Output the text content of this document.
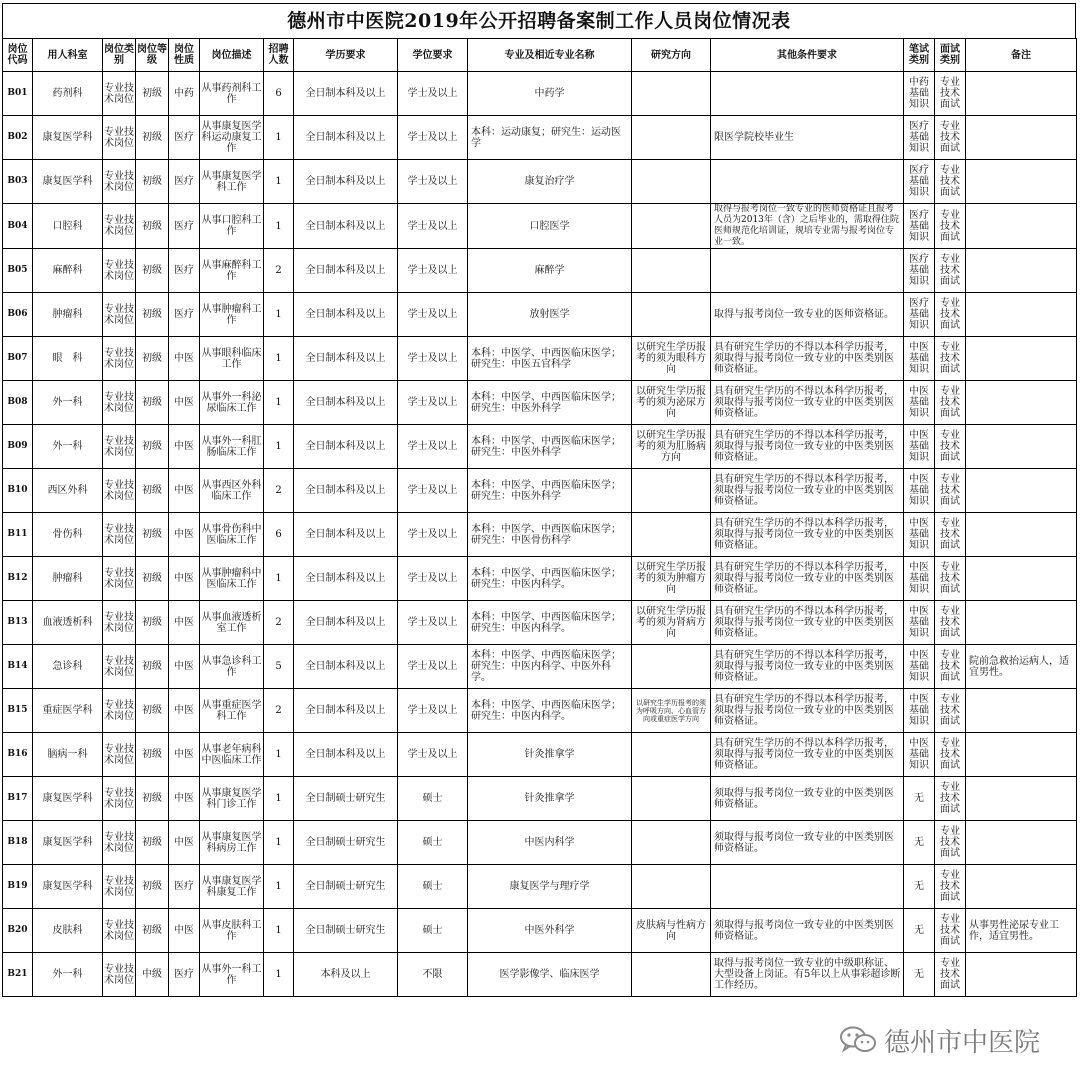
德州市中医院2019年公开招聘备案制工作人员岗位情况表
岗位代码	用人科室	岗位类别	岗位等级	岗位性质	岗位描述	招聘人数	学历要求	学位要求	专业及相近专业名称	研究方向	其他条件要求	笔试类别	面试类别	备注
B01	药剂科	专业技术岗位	初级	中药	从事药剂科工作	6	全日制本科及以上	学士及以上	中药学			中药基础知识	专业技术面试	
B02	康复医学科	专业技术岗位	初级	医疗	从事康复医学科运动康复工作	1	全日制本科及以上	学士及以上	本科：运动康复；研究生：运动医学		限医学院校毕业生	医疗基础知识	专业技术面试	
B03	康复医学科	专业技术岗位	初级	医疗	从事康复医学科工作	1	全日制本科及以上	学士及以上	康复治疗学			医疗基础知识	专业技术面试	
B04	口腔科	专业技术岗位	初级	医疗	从事口腔科工作	1	全日制本科及以上	学士及以上	口腔医学		取得与报考岗位一致专业的医师资格证且报考人员为2013年（含）之后毕业的，需取得住院医师规范化培训证，规培专业需与报考岗位专业一致。	医疗基础知识	专业技术面试	
B05	麻醉科	专业技术岗位	初级	医疗	从事麻醉科工作	2	全日制本科及以上	学士及以上	麻醉学			医疗基础知识	专业技术面试	
B06	肿瘤科	专业技术岗位	初级	医疗	从事肿瘤科工作	1	全日制本科及以上	学士及以上	放射医学		取得与报考岗位一致专业的医师资格证。	医疗基础知识	专业技术面试	
B07	眼　科	专业技术岗位	初级	中医	从事眼科临床工作	1	全日制本科及以上	学士及以上	本科：中医学、中西医临床医学；研究生：中医五官科学	以研究生学历报考的须为眼科方向	具有研究生学历的不得以本科学历报考，须取得与报考岗位一致专业的中医类别医师资格证。	中医基础知识	专业技术面试	
B08	外一科	专业技术岗位	初级	中医	从事外一科泌尿临床工作	1	全日制本科及以上	学士及以上	本科：中医学、中西医临床医学；研究生：中医外科学	以研究生学历报考的须为泌尿方向	具有研究生学历的不得以本科学历报考，须取得与报考岗位一致专业的中医类别医师资格证。	中医基础知识	专业技术面试	
B09	外一科	专业技术岗位	初级	中医	从事外一科肛肠临床工作	1	全日制本科及以上	学士及以上	本科：中医学、中西医临床医学；研究生：中医外科学	以研究生学历报考的须为肛肠病方向	具有研究生学历的不得以本科学历报考，须取得与报考岗位一致专业的中医类别医师资格证。	中医基础知识	专业技术面试	
B10	西区外科	专业技术岗位	初级	中医	从事西区外科临床工作	2	全日制本科及以上	学士及以上	本科：中医学、中西医临床医学；研究生：中医外科学		具有研究生学历的不得以本科学历报考，须取得与报考岗位一致专业的中医类别医师资格证。	中医基础知识	专业技术面试	
B11	骨伤科	专业技术岗位	初级	中医	从事骨伤科中医临床工作	6	全日制本科及以上	学士及以上	本科：中医学、中西医临床医学；研究生：中医骨伤科学		具有研究生学历的不得以本科学历报考，须取得与报考岗位一致专业的中医类别医师资格证。	中医基础知识	专业技术面试	
B12	肿瘤科	专业技术岗位	初级	中医	从事肿瘤科中医临床工作	1	全日制本科及以上	学士及以上	本科：中医学、中西医临床医学；研究生：中医内科学。	以研究生学历报考的须为肿瘤方向	具有研究生学历的不得以本科学历报考，须取得与报考岗位一致专业的中医类别医师资格证。	中医基础知识	专业技术面试	
B13	血液透析科	专业技术岗位	初级	中医	从事血液透析室工作	2	全日制本科及以上	学士及以上	本科：中医学、中西医临床医学；研究生：中医内科学。	以研究生学历报考的须为肾病方向	具有研究生学历的不得以本科学历报考，须取得与报考岗位一致专业的中医类别医师资格证。	中医基础知识	专业技术面试	
B14	急诊科	专业技术岗位	初级	中医	从事急诊科工作	5	全日制本科及以上	学士及以上	本科：中医学、中西医临床医学；研究生：中医内科学、中医外科学。		具有研究生学历的不得以本科学历报考，须取得与报考岗位一致专业的中医类别医师资格证。	中医基础知识	专业技术面试	院前急救抬运病人，适宜男性。
B15	重症医学科	专业技术岗位	初级	中医	从事重症医学科工作	2	全日制本科及以上	学士及以上	本科：中医学、中西医临床医学；研究生：中医内科学。	以研究生学历报考的须为呼吸方向、心血管方向或重症医学方向	具有研究生学历的不得以本科学历报考，须取得与报考岗位一致专业的中医类别医师资格证。	中医基础知识	专业技术面试	
B16	脑病一科	专业技术岗位	初级	中医	从事老年病科中医临床工作	1	全日制本科及以上	学士及以上	针灸推拿学		具有研究生学历的不得以本科学历报考，须取得与报考岗位一致专业的中医类别医师资格证。	中医基础知识	专业技术面试	
B17	康复医学科	专业技术岗位	初级	中医	从事康复医学科门诊工作	1	全日制硕士研究生	硕士	针灸推拿学		须取得与报考岗位一致专业的中医类别医师资格证。	无	专业技术面试	
B18	康复医学科	专业技术岗位	初级	中医	从事康复医学科病房工作	1	全日制硕士研究生	硕士	中医内科学		须取得与报考岗位一致专业的中医类别医师资格证。	无	专业技术面试	
B19	康复医学科	专业技术岗位	初级	医疗	从事康复医学科康复工作	1	全日制硕士研究生	硕士	康复医学与理疗学			无	专业技术面试	
B20	皮肤科	专业技术岗位	初级	中医	从事皮肤科工作	1	全日制硕士研究生	硕士	中医外科学	皮肤病与性病方向	须取得与报考岗位一致专业的中医类别医师资格证。	无	专业技术面试	从事男性泌尿专业工作，适宜男性。
B21	外一科	专业技术岗位	中级	医疗	从事外一科工作	1	本科及以上	不限	医学影像学、临床医学		取得与报考岗位一致专业的中级职称证、大型设备上岗证。有5年以上从事彩超诊断工作经历。	无	专业技术面试	
德州市中医院
